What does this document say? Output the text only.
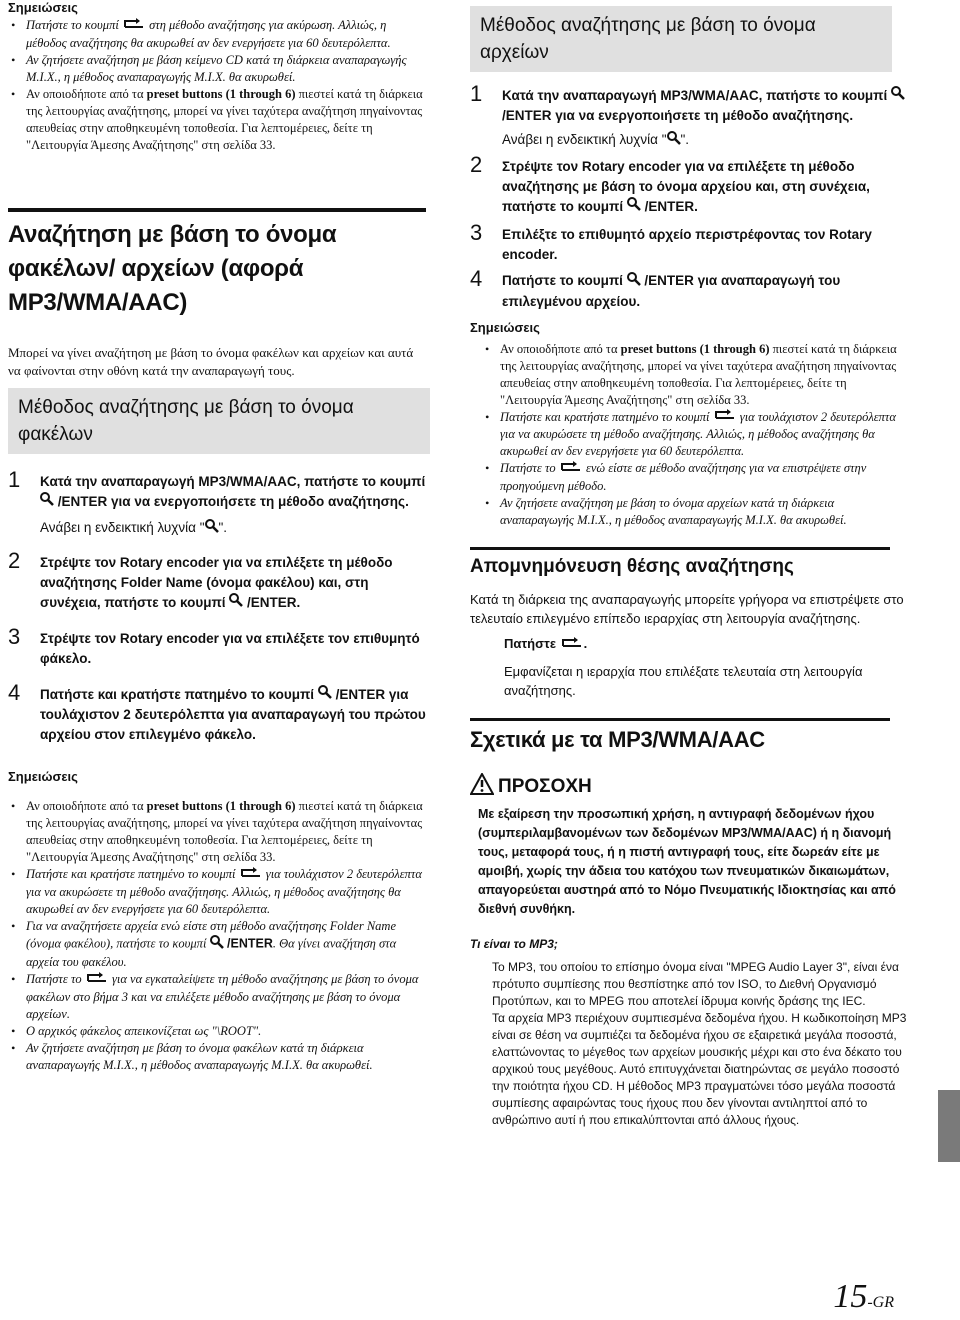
Σημειώσεις

• Πατήστε το κουμπί  στη μέθοδο αναζήτησης για ακύρωση. Αλλιώς, η μέθοδος αναζήτησης θα ακυρωθεί αν δεν ενεργήσετε για 60 δευτερόλεπτα.
• Αν ζητήσετε αναζήτηση με βάση κείμενο CD κατά τη διάρκεια αναπαραγωγής M.I.X., η μέθοδος αναπαραγωγής M.I.X. θα ακυρωθεί.
• Αν οποιοδήποτε από τα preset buttons (1 through 6) πιεστεί κατά τη διάρκεια της λειτουργίας αναζήτησης, μπορεί να γίνει ταχύτερα αναζήτηση πηγαίνοντας απευθείας στην αποθηκευμένη τοποθεσία. Για λεπτομέρειες, δείτε τη "Λειτουργία Άμεσης Αναζήτησης" στη σελίδα 33.
Αναζήτηση με βάση το όνομα φακέλων/ αρχείων (αφορά MP3/WMA/AAC)

Μπορεί να γίνει αναζήτηση με βάση το όνομα φακέλων και αρχείων και αυτά να φαίνονται στην οθόνη κατά την αναπαραγωγή τους.

Μέθοδος αναζήτησης με βάση το όνομα φακέλων
1 Κατά την αναπαραγωγή MP3/WMA/AAC, πατήστε το κουμπί  /ENTER για να ενεργοποιήσετε τη μέθοδο αναζήτησης.
Ανάβει η ενδεικτική λυχνία " ".
2 Στρέψτε τον Rotary encoder για να επιλέξετε τη μέθοδο αναζήτησης Folder Name (όνομα φακέλου) και, στη συνέχεια, πατήστε το κουμπί  /ENTER.
3 Στρέψτε τον Rotary encoder για να επιλέξετε τον επιθυμητό φάκελο.
4 Πατήστε και κρατήστε πατημένο το κουμπί  /ENTER για τουλάχιστον 2 δευτερόλεπτα για αναπαραγωγή του πρώτου αρχείου στον επιλεγμένο φάκελο.

Σημειώσεις

• Αν οποιοδήποτε από τα preset buttons (1 through 6) πιεστεί κατά τη διάρκεια της λειτουργίας αναζήτησης, μπορεί να γίνει ταχύτερα αναζήτηση πηγαίνοντας απευθείας στην αποθηκευμένη τοποθεσία. Για λεπτομέρειες, δείτε τη "Λειτουργία Άμεσης Αναζήτησης" στη σελίδα 33.
• Πατήστε και κρατήστε πατημένο το κουμπί  για τουλάχιστον 2 δευτερόλεπτα για να ακυρώσετε τη μέθοδο αναζήτησης. Αλλιώς, η μέθοδος αναζήτησης θα ακυρωθεί αν δεν ενεργήσετε για 60 δευτερόλεπτα.
• Για να αναζητήσετε αρχεία ενώ είστε στη μέθοδο αναζήτησης Folder Name (όνομα φακέλου), πατήστε το κουμπί  /ENTER. Θα γίνει αναζήτηση στα αρχεία του φακέλου.
• Πατήστε το  για να εγκαταλείψετε τη μέθοδο αναζήτησης με βάση το όνομα φακέλων στο βήμα 3 και να επιλέξετε μέθοδο αναζήτησης με βάση το όνομα αρχείων.
• Ο αρχικός φάκελος απεικονίζεται ως "\ROOT".
• Αν ζητήσετε αναζήτηση με βάση το όνομα φακέλων κατά τη διάρκεια αναπαραγωγής M.I.X., η μέθοδος αναπαραγωγής M.I.X. θα ακυρωθεί.
Μέθοδος αναζήτησης με βάση το όνομα αρχείων
1 Κατά την αναπαραγωγή MP3/WMA/AAC, πατήστε το κουμπί  /ENTER για να ενεργοποιήσετε τη μέθοδο αναζήτησης.
Ανάβει η ενδεικτική λυχνία " ".
2 Στρέψτε τον Rotary encoder για να επιλέξετε τη μέθοδο αναζήτησης με βάση το όνομα αρχείου και, στη συνέχεια, πατήστε το κουμπί  /ENTER.
3 Επιλέξτε το επιθυμητό αρχείο περιστρέφοντας τον Rotary encoder.
4 Πατήστε το κουμπί  /ENTER για αναπαραγωγή του επιλεγμένου αρχείου.

Σημειώσεις

• Αν οποιοδήποτε από τα preset buttons (1 through 6) πιεστεί κατά τη διάρκεια της λειτουργίας αναζήτησης, μπορεί να γίνει ταχύτερα αναζήτηση πηγαίνοντας απευθείας στην αποθηκευμένη τοποθεσία. Για λεπτομέρειες, δείτε τη "Λειτουργία Άμεσης Αναζήτησης" στη σελίδα 33.
• Πατήστε και κρατήστε πατημένο το κουμπί  για τουλάχιστον 2 δευτερόλεπτα για να ακυρώσετε τη μέθοδο αναζήτησης. Αλλιώς, η μέθοδος αναζήτησης θα ακυρωθεί αν δεν ενεργήσετε για 60 δευτερόλεπτα.
• Πατήστε το  ενώ είστε σε μέθοδο αναζήτησης για να επιστρέψετε στην προηγούμενη μέθοδο.
• Αν ζητήσετε αναζήτηση με βάση το όνομα αρχείων κατά τη διάρκεια αναπαραγωγής M.I.X., η μέθοδος αναπαραγωγής M.I.X. θα ακυρωθεί.
Απομνημόνευση θέσης αναζήτησης

Κατά τη διάρκεια της αναπαραγωγής μπορείτε γρήγορα να επιστρέψετε στο τελευταίο επιλεγμένο επίπεδο ιεραρχίας στη λειτουργία αναζήτησης.

Πατήστε .

Εμφανίζεται η ιεραρχία που επιλέξατε τελευταία στη λειτουργία αναζήτησης.

Σχετικά με τα MP3/WMA/AAC
ΠΡΟΣΟΧΗ

Με εξαίρεση την προσωπική χρήση, η αντιγραφή δεδομένων ήχου (συμπεριλαμβανομένων των δεδομένων MP3/WMA/AAC) ή η διανομή τους, μεταφορά τους, ή η πιστή αντιγραφή τους, είτε δωρεάν είτε με αμοιβή, χωρίς την άδεια του κατόχου των πνευματικών δικαιωμάτων, απαγορεύεται αυστηρά από το Νόμο Πνευματικής Ιδιοκτησίας και από διεθνή συνθήκη.

Τι είναι το MP3;

Το MP3, του οποίου το επίσημο όνομα είναι "MPEG Audio Layer 3", είναι ένα πρότυπο συμπίεσης που θεσπίστηκε από τον ISO, το Διεθνή Οργανισμό Προτύπων, και το MPEG που αποτελεί ίδρυμα κοινής δράσης της IEC.

Τα αρχεία MP3 περιέχουν συμπιεσμένα δεδομένα ήχου. Η κωδικοποίηση MP3 είναι σε θέση να συμπιέζει τα δεδομένα ήχου σε εξαιρετικά μεγάλα ποσοστά, ελαττώνοντας το μέγεθος των αρχείων μουσικής μέχρι και στο ένα δέκατο του αρχικού τους μεγέθους. Αυτό επιτυγχάνεται διατηρώντας σε μεγάλο ποσοστό την ποιότητα ήχου CD. Η μέθοδος MP3 πραγματώνει τόσο μεγάλα ποσοστά συμπίεσης αφαιρώντας τους ήχους που δεν γίνονται αντιληπτοί από το ανθρώπινο αυτί ή που επικαλύπτονται από άλλους ήχους.

15-GR
